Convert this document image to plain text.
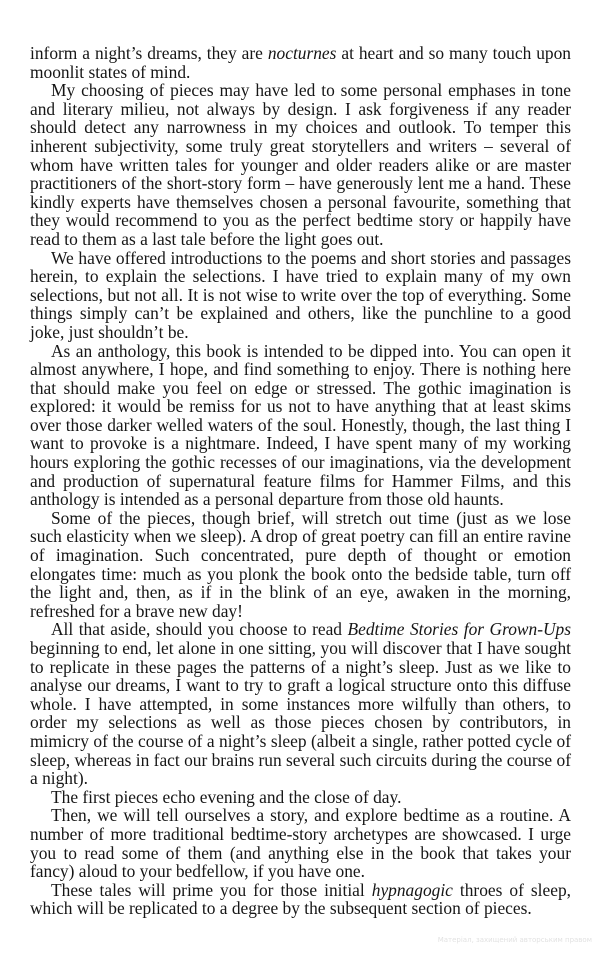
inform a night’s dreams, they are nocturnes at heart and so many touch upon moonlit states of mind.

My choosing of pieces may have led to some personal emphases in tone and literary milieu, not always by design. I ask forgiveness if any reader should detect any narrowness in my choices and outlook. To temper this inherent subjectivity, some truly great storytellers and writers – several of whom have written tales for younger and older readers alike or are master practitioners of the short-story form – have generously lent me a hand. These kindly experts have themselves chosen a personal favourite, something that they would recommend to you as the perfect bedtime story or happily have read to them as a last tale before the light goes out.

We have offered introductions to the poems and short stories and passages herein, to explain the selections. I have tried to explain many of my own selections, but not all. It is not wise to write over the top of everything. Some things simply can’t be explained and others, like the punchline to a good joke, just shouldn’t be.

As an anthology, this book is intended to be dipped into. You can open it almost anywhere, I hope, and find something to enjoy. There is nothing here that should make you feel on edge or stressed. The gothic imagination is explored: it would be remiss for us not to have anything that at least skims over those darker welled waters of the soul. Honestly, though, the last thing I want to provoke is a nightmare. Indeed, I have spent many of my working hours exploring the gothic recesses of our imaginations, via the development and production of supernatural feature films for Hammer Films, and this anthology is intended as a personal departure from those old haunts.

Some of the pieces, though brief, will stretch out time (just as we lose such elasticity when we sleep). A drop of great poetry can fill an entire ravine of imagination. Such concentrated, pure depth of thought or emotion elongates time: much as you plonk the book onto the bedside table, turn off the light and, then, as if in the blink of an eye, awaken in the morning, refreshed for a brave new day!

All that aside, should you choose to read Bedtime Stories for Grown-Ups beginning to end, let alone in one sitting, you will discover that I have sought to replicate in these pages the patterns of a night’s sleep. Just as we like to analyse our dreams, I want to try to graft a logical structure onto this diffuse whole. I have attempted, in some instances more wilfully than others, to order my selections as well as those pieces chosen by contributors, in mimicry of the course of a night’s sleep (albeit a single, rather potted cycle of sleep, whereas in fact our brains run several such circuits during the course of a night).

The first pieces echo evening and the close of day.

Then, we will tell ourselves a story, and explore bedtime as a routine. A number of more traditional bedtime-story archetypes are showcased. I urge you to read some of them (and anything else in the book that takes your fancy) aloud to your bedfellow, if you have one.

These tales will prime you for those initial hypnagogic throes of sleep, which will be replicated to a degree by the subsequent section of pieces.

Матеріал, захищений авторським правом
